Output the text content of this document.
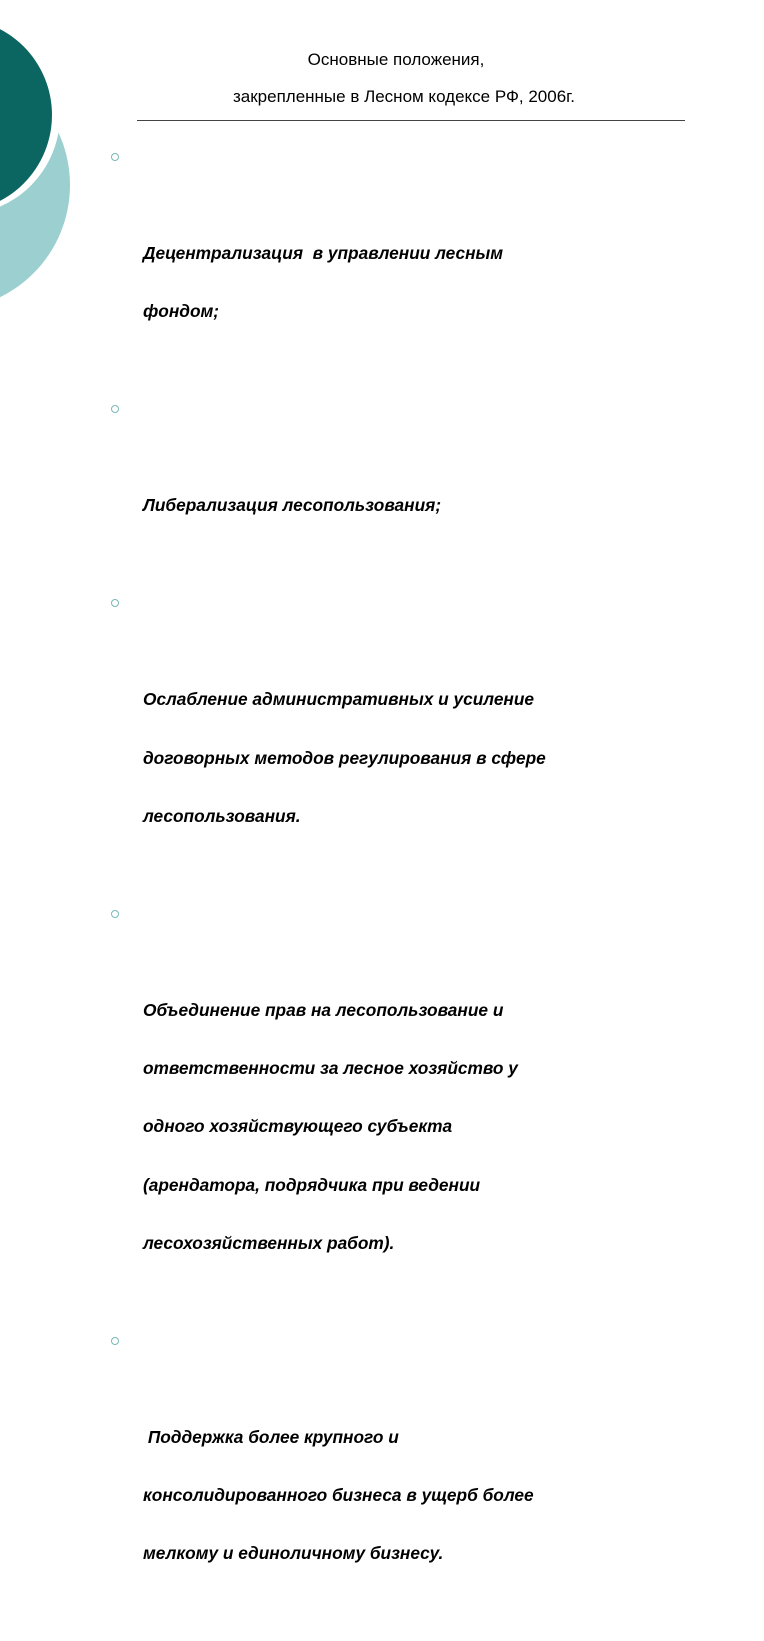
Основные положения,
закрепленные в Лесном кодексе РФ, 2006г.

Децентрализация  в управлении лесным

фондом;

Либерализация лесопользования;

Ослабление административных и усиление

договорных методов регулирования в сфере

лесопользования.

Объединение прав на лесопользование и

ответственности за лесное хозяйство у

одного хозяйствующего субъекта

(арендатора, подрядчика при ведении

лесохозяйственных работ).

Поддержка более крупного и

консолидированного бизнеса в ущерб более

мелкому и единоличному бизнесу.
